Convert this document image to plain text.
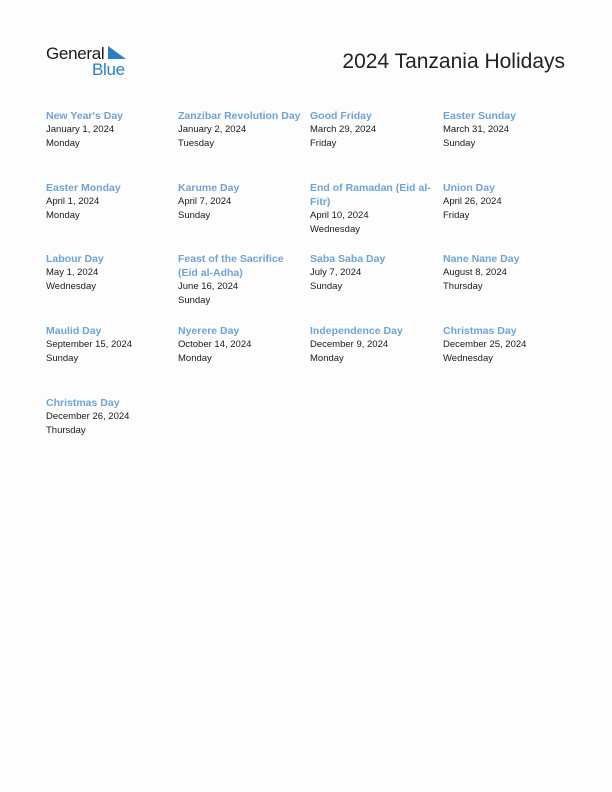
General
Blue	2024 Tanzania Holidays
New Year's Day
January 1, 2024
Monday
Zanzibar Revolution Day
January 2, 2024
Tuesday
Good Friday
March 29, 2024
Friday
Easter Sunday
March 31, 2024
Sunday
Easter Monday
April 1, 2024
Monday
Karume Day
April 7, 2024
Sunday
End of Ramadan (Eid al-Fitr)
April 10, 2024
Wednesday
Union Day
April 26, 2024
Friday
Labour Day
May 1, 2024
Wednesday
Feast of the Sacrifice (Eid al-Adha)
June 16, 2024
Sunday
Saba Saba Day
July 7, 2024
Sunday
Nane Nane Day
August 8, 2024
Thursday
Maulid Day
September 15, 2024
Sunday
Nyerere Day
October 14, 2024
Monday
Independence Day
December 9, 2024
Monday
Christmas Day
December 25, 2024
Wednesday
Christmas Day
December 26, 2024
Thursday
